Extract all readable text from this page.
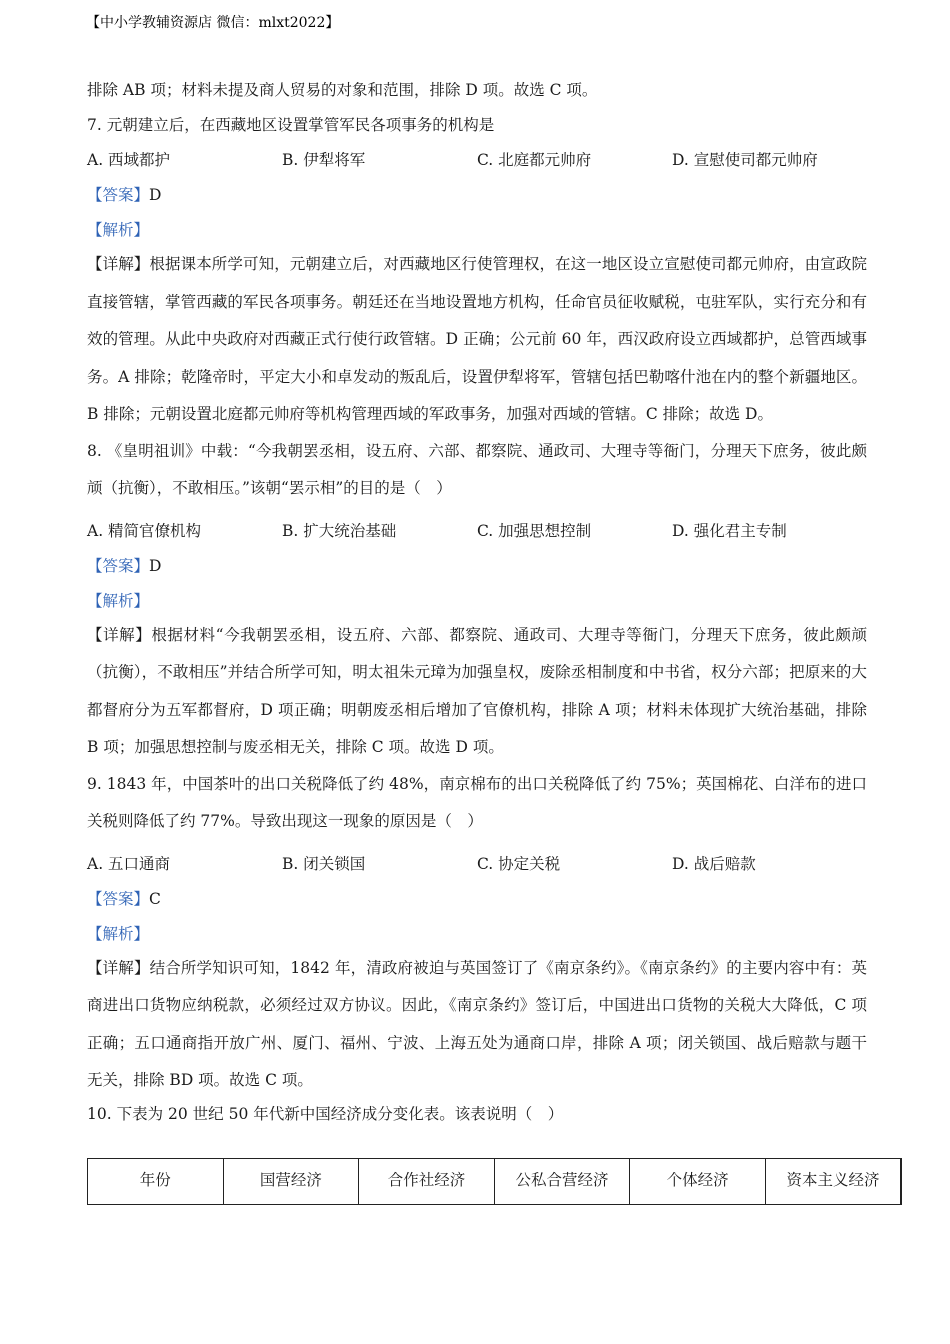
【中小学教辅资源店 微信：mlxt2022】
排除 AB 项；材料未提及商人贸易的对象和范围，排除 D 项。故选 C 项。
7. 元朝建立后，在西藏地区设置掌管军民各项事务的机构是
A. 西域都护	B. 伊犁将军	C. 北庭都元帅府	D. 宣慰使司都元帅府
【答案】D
【解析】

【详解】根据课本所学可知，元朝建立后，对西藏地区行使管理权，在这一地区设立宣慰使司都元帅府，由宣政院直接管辖，掌管西藏的军民各项事务。朝廷还在当地设置地方机构，任命官员征收赋税，屯驻军队，实行充分和有效的管理。从此中央政府对西藏正式行使行政管辖。D 正确；公元前 60 年，西汉政府设立西域都护，总管西域事务。A 排除；乾隆帝时，平定大小和卓发动的叛乱后，设置伊犁将军，管辖包括巴勒喀什池在内的整个新疆地区。B 排除；元朝设置北庭都元帅府等机构管理西域的军政事务，加强对西域的管辖。C 排除；故选 D。

8. 《皇明祖训》中载：“今我朝罢丞相，设五府、六部、都察院、通政司、大理寺等衙门，分理天下庶务，彼此颇颃（抗衡），不敢相压。”该朝“罢示相”的目的是（　）

A. 精简官僚机构	B. 扩大统治基础	C. 加强思想控制	D. 强化君主专制
【答案】D
【解析】

【详解】根据材料“今我朝罢丞相，设五府、六部、都察院、通政司、大理寺等衙门，分理天下庶务，彼此颇颃（抗衡），不敢相压”并结合所学可知，明太祖朱元璋为加强皇权，废除丞相制度和中书省，权分六部；把原来的大都督府分为五军都督府，D 项正确；明朝废丞相后增加了官僚机构，排除 A 项；材料未体现扩大统治基础，排除 B 项；加强思想控制与废丞相无关，排除 C 项。故选 D 项。

9. 1843 年，中国茶叶的出口关税降低了约 48%，南京棉布的出口关税降低了约 75%；英国棉花、白洋布的进口关税则降低了约 77%。导致出现这一现象的原因是（　）

A. 五口通商	B. 闭关锁国	C. 协定关税	D. 战后赔款
【答案】C
【解析】

【详解】结合所学知识可知，1842 年，清政府被迫与英国签订了《南京条约》。《南京条约》的主要内容中有：英商进出口货物应纳税款，必须经过双方协议。因此，《南京条约》签订后，中国进出口货物的关税大大降低，C 项正确；五口通商指开放广州、厦门、福州、宁波、上海五处为通商口岸，排除 A 项；闭关锁国、战后赔款与题干无关，排除 BD 项。故选 C 项。

10. 下表为 20 世纪 50 年代新中国经济成分变化表。该表说明（　）
年份	国营经济	合作社经济	公私合营经济	个体经济	资本主义经济
